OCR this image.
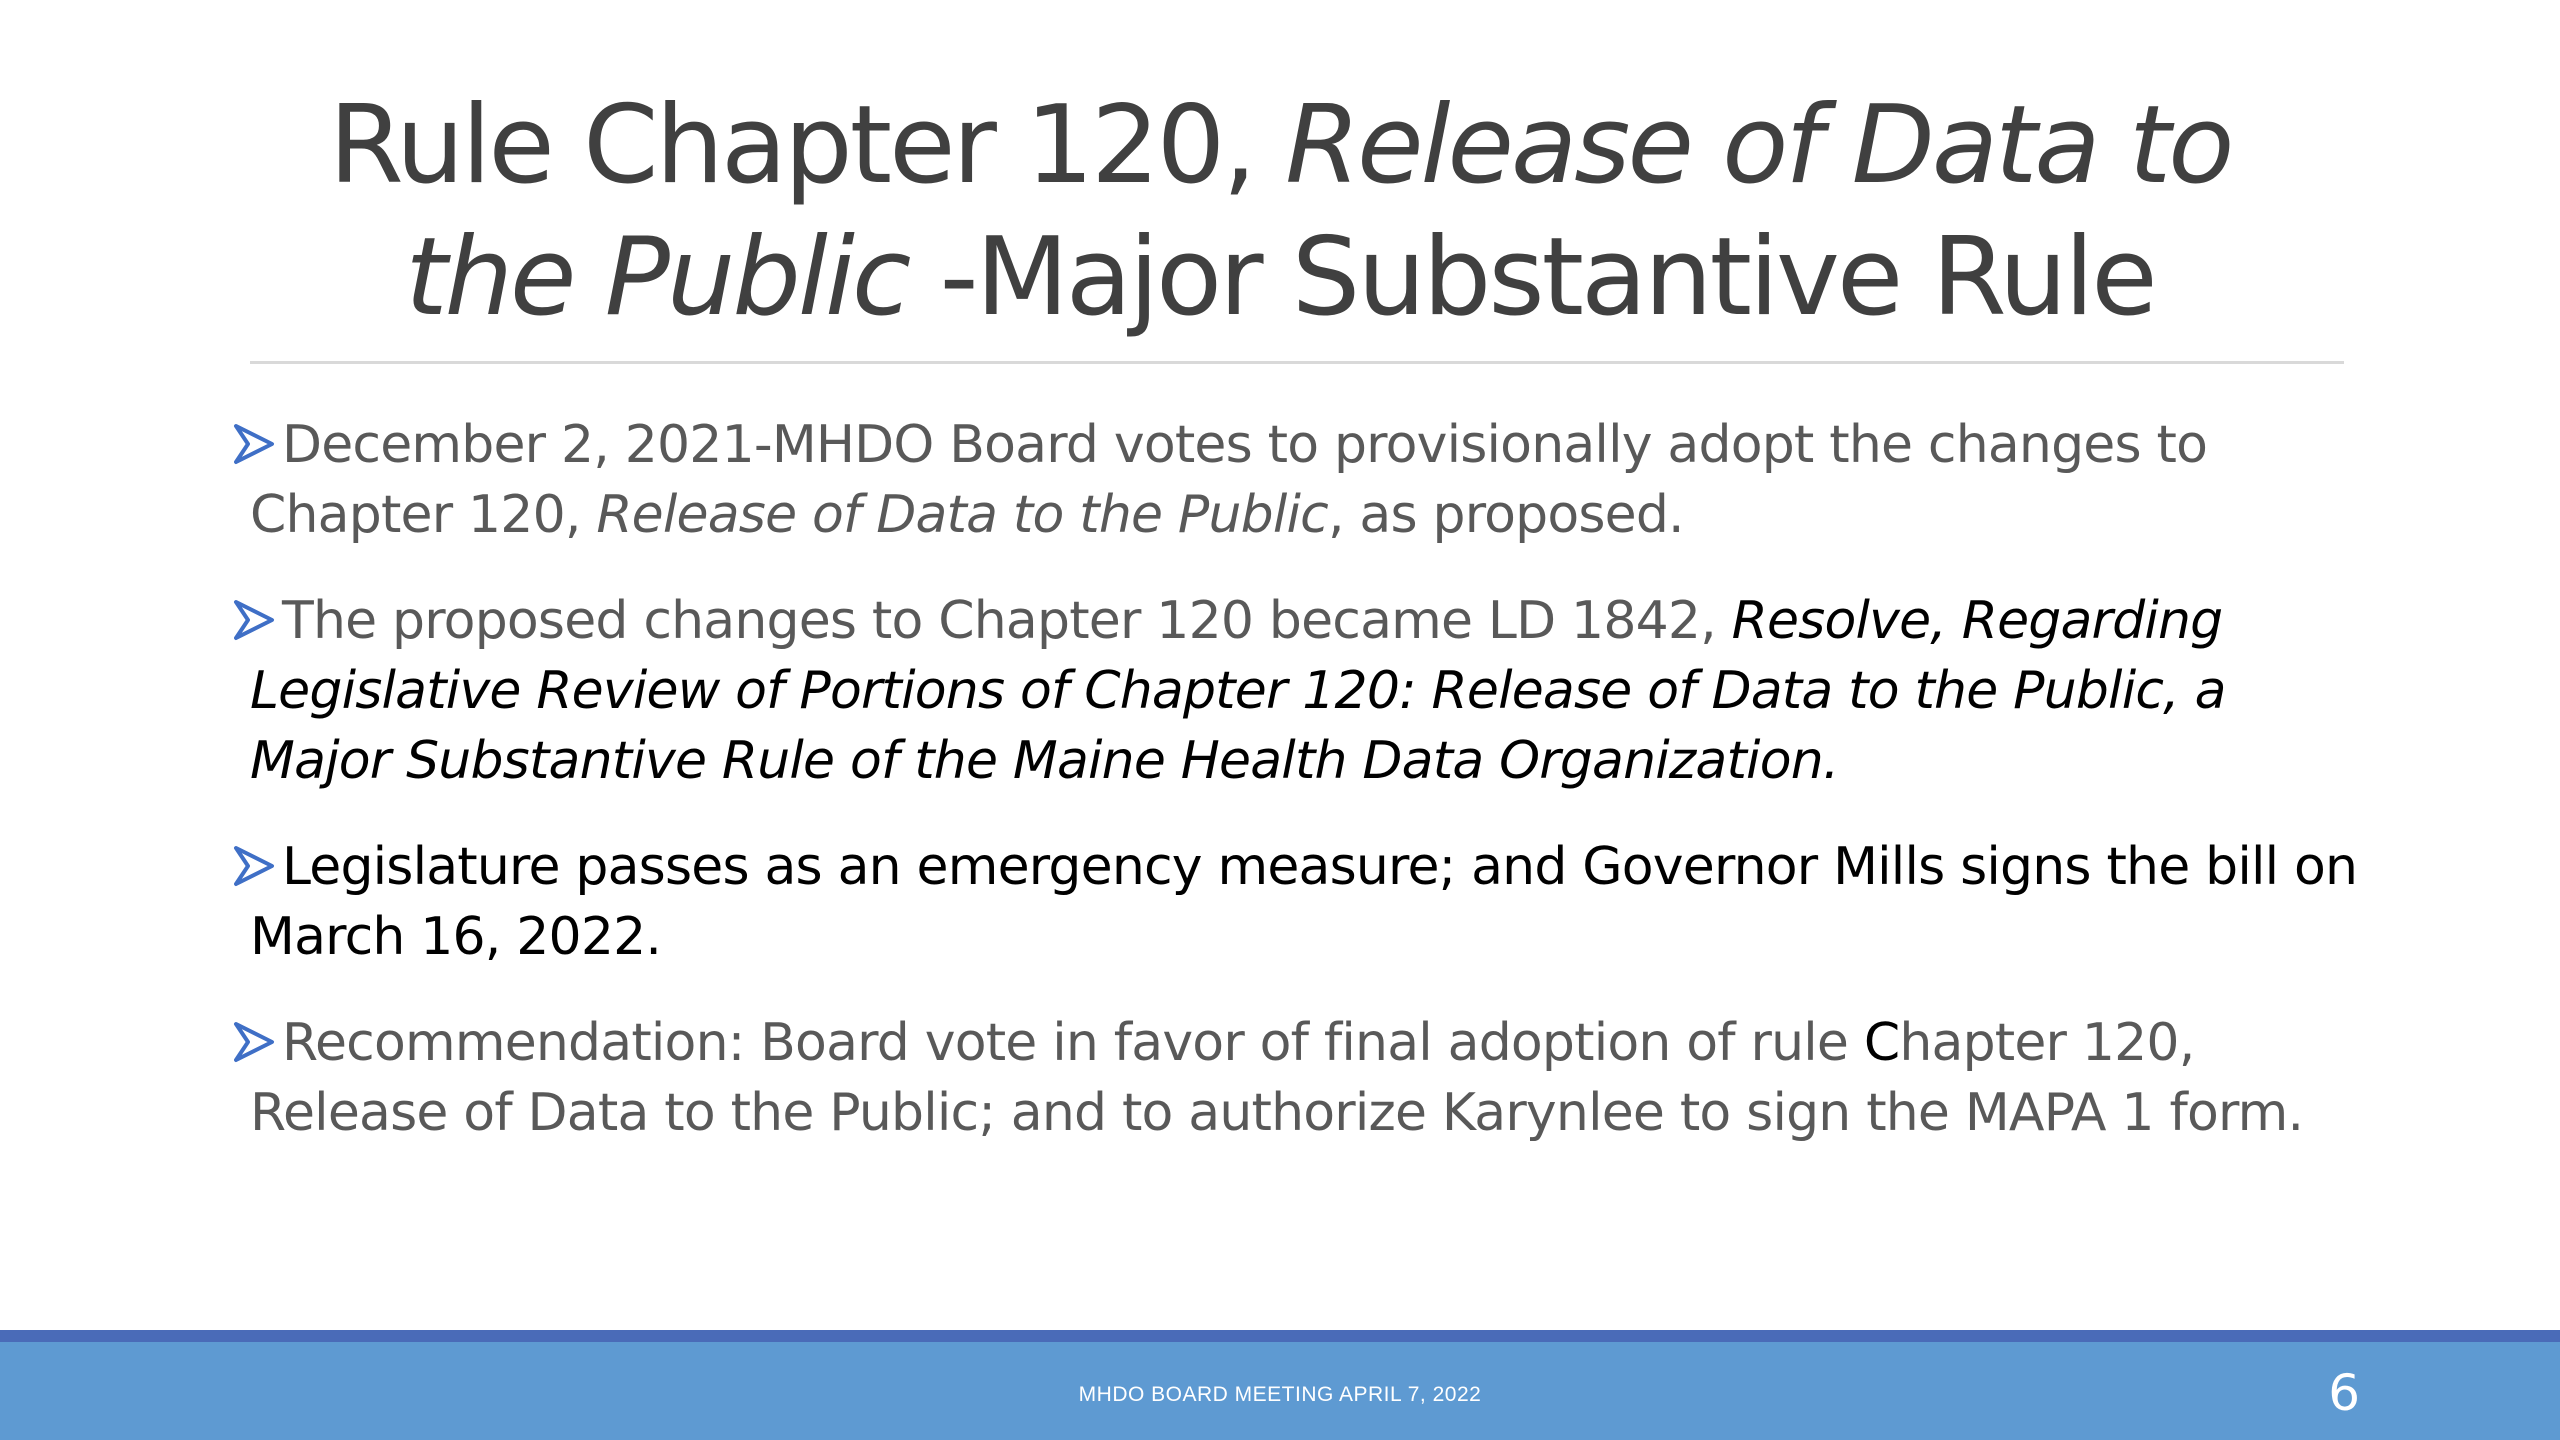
Rule Chapter 120, Release of Data to the Public -Major Substantive Rule
December 2, 2021-MHDO Board votes to provisionally adopt the changes to Chapter 120, Release of Data to the Public, as proposed.
The proposed changes to Chapter 120 became LD 1842, Resolve, Regarding Legislative Review of Portions of Chapter 120: Release of Data to the Public, a Major Substantive Rule of the Maine Health Data Organization.
Legislature passes as an emergency measure; and Governor Mills signs the bill on March 16, 2022.
Recommendation: Board vote in favor of final adoption of rule Chapter 120, Release of Data to the Public; and to authorize Karynlee to sign the MAPA 1 form.
MHDO BOARD MEETING APRIL 7, 2022	6
